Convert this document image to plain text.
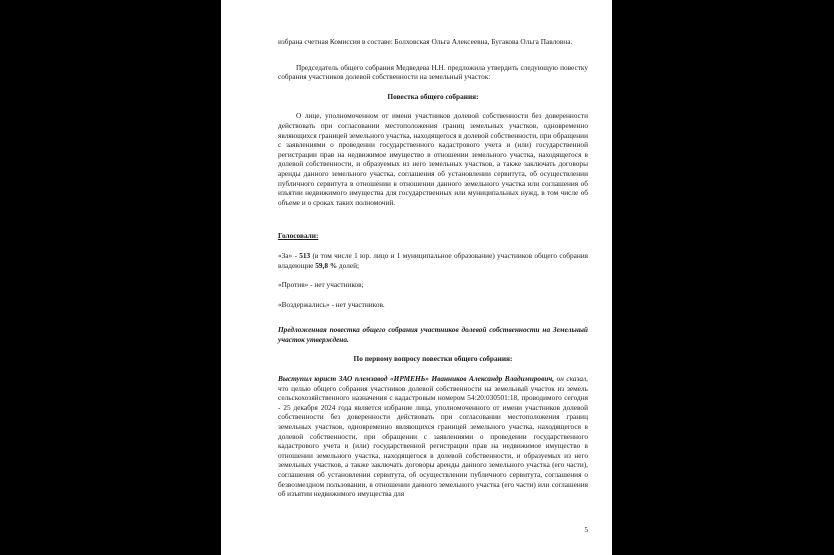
избрана счетная Комиссия в составе: Болховская Ольга Алексеевна, Бугакова Ольга Павловна.

Председатель общего собрания Медведева Н.Н. предложила утвердить следующую повестку собрания участников долевой собственности на земельный участок:

Повестка общего собрания:

О лице, уполномоченном от имени участников долевой собственности без доверенности действовать при согласовании местоположения границ земельных участков, одновременно являющихся границей земельного участка, находящегося в долевой собственности, при обращении с заявлениями о проведении государственного кадастрового учета и (или) государственной регистрации прав на недвижимое имущество в отношении земельного участка, находящегося в долевой собственности, и образуемых из него земельных участков, а также заключать договоры аренды данного земельного участка, соглашения об установлении сервитута, об осуществлении публичного сервитута в отношении в отношении данного земельного участка или соглашения об изъятии недвижимого имущества для государственных или муниципальных нужд, в том числе об объеме и о сроках таких полномочий.

Голосовали:

«За» - 513 (в том числе 1 юр. лицо и 1 муниципальное образование) участников общего собрания владеющие 59,8 % долей;

«Против» - нет участников;

«Воздержались» - нет участников.

Предложенная повестка общего собрания участников долевой собственности на Земельный участок утверждена.

По первому вопросу повестки общего собрания:

Выступил юрист ЗАО племзавод «ИРМЕНЬ» Иванников Александр Владимирович, он сказал, что целью общего собрания участников долевой собственности на земельный участок из земель сельскохозяйственного назначения с кадастровым номером 54:20:030501:18, проводимого сегодня - 25 декабря 2024 года является избрание лица, уполномоченного от имени участников долевой собственности без доверенности действовать при согласовании местоположения границ земельных участков, одновременно являющихся границей земельного участка, находящегося в долевой собственности, при обращении с заявлениями о проведении государственного кадастрового учета и (или) государственной регистрации прав на недвижимое имущество в отношении земельного участка, находящегося в долевой собственности, и образуемых из него земельных участков, а также заключать договоры аренды данного земельного участка (его части), соглашения об установлении сервитута, об осуществлении публичного сервитута, соглашения о безвозмездном пользовании, в отношении данного земельного участка (его части) или соглашения об изъятии недвижимого имущества для

5
